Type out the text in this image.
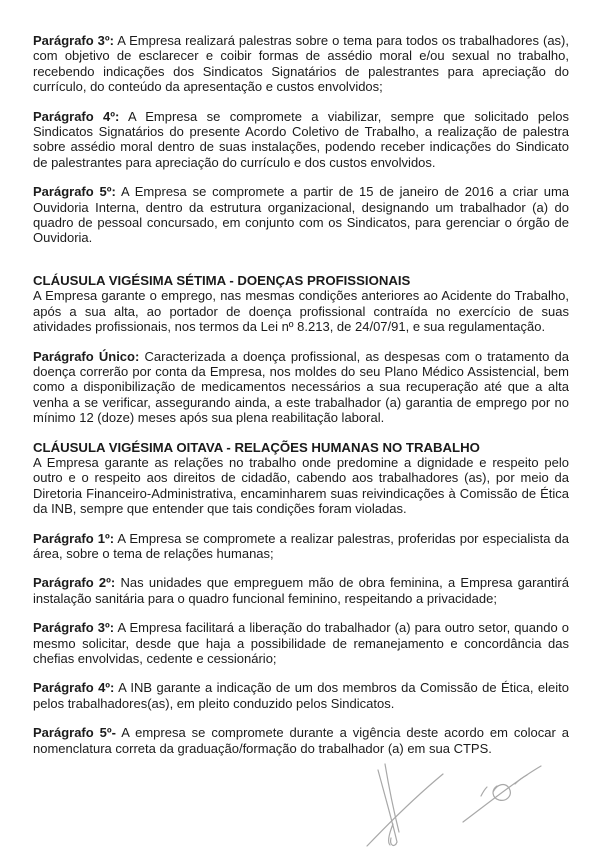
Parágrafo 3º: A Empresa realizará palestras sobre o tema para todos os trabalhadores (as), com objetivo de esclarecer e coibir formas de assédio moral e/ou sexual no trabalho, recebendo indicações dos Sindicatos Signatários de palestrantes para apreciação do currículo, do conteúdo da apresentação e custos envolvidos;

Parágrafo 4º: A Empresa se compromete a viabilizar, sempre que solicitado pelos Sindicatos Signatários do presente Acordo Coletivo de Trabalho, a realização de palestra sobre assédio moral dentro de suas instalações, podendo receber indicações do Sindicato de palestrantes para apreciação do currículo e dos custos envolvidos.

Parágrafo 5º: A Empresa se compromete a partir de 15 de janeiro de 2016 a criar uma Ouvidoria Interna, dentro da estrutura organizacional, designando um trabalhador (a) do quadro de pessoal concursado, em conjunto com os Sindicatos, para gerenciar o órgão de Ouvidoria.

CLÁUSULA VIGÉSIMA SÉTIMA - DOENÇAS PROFISSIONAIS

A Empresa garante o emprego, nas mesmas condições anteriores ao Acidente do Trabalho, após a sua alta, ao portador de doença profissional contraída no exercício de suas atividades profissionais, nos termos da Lei nº 8.213, de 24/07/91, e sua regulamentação.

Parágrafo Único: Caracterizada a doença profissional, as despesas com o tratamento da doença correrão por conta da Empresa, nos moldes do seu Plano Médico Assistencial, bem como a disponibilização de medicamentos necessários a sua recuperação até que a alta venha a se verificar, assegurando ainda, a este trabalhador (a) garantia de emprego por no mínimo 12 (doze) meses após sua plena reabilitação laboral.

CLÁUSULA VIGÉSIMA OITAVA - RELAÇÕES HUMANAS NO TRABALHO

A Empresa garante as relações no trabalho onde predomine a dignidade e respeito pelo outro e o respeito aos direitos de cidadão, cabendo aos trabalhadores (as), por meio da Diretoria Financeiro-Administrativa, encaminharem suas reivindicações à Comissão de Ética da INB, sempre que entender que tais condições foram violadas.

Parágrafo 1º: A Empresa se compromete a realizar palestras, proferidas por especialista da área, sobre o tema de relações humanas;

Parágrafo 2º: Nas unidades que empreguem mão de obra feminina, a Empresa garantirá instalação sanitária para o quadro funcional feminino, respeitando a privacidade;

Parágrafo 3º: A Empresa facilitará a liberação do trabalhador (a) para outro setor, quando o mesmo solicitar, desde que haja a possibilidade de remanejamento e concordância das chefias envolvidas, cedente e cessionário;

Parágrafo 4º: A INB garante a indicação de um dos membros da Comissão de Ética, eleito pelos trabalhadores(as), em pleito conduzido pelos Sindicatos.

Parágrafo 5º- A empresa se compromete durante a vigência deste acordo em colocar a nomenclatura correta da graduação/formação do trabalhador (a) em sua CTPS.
